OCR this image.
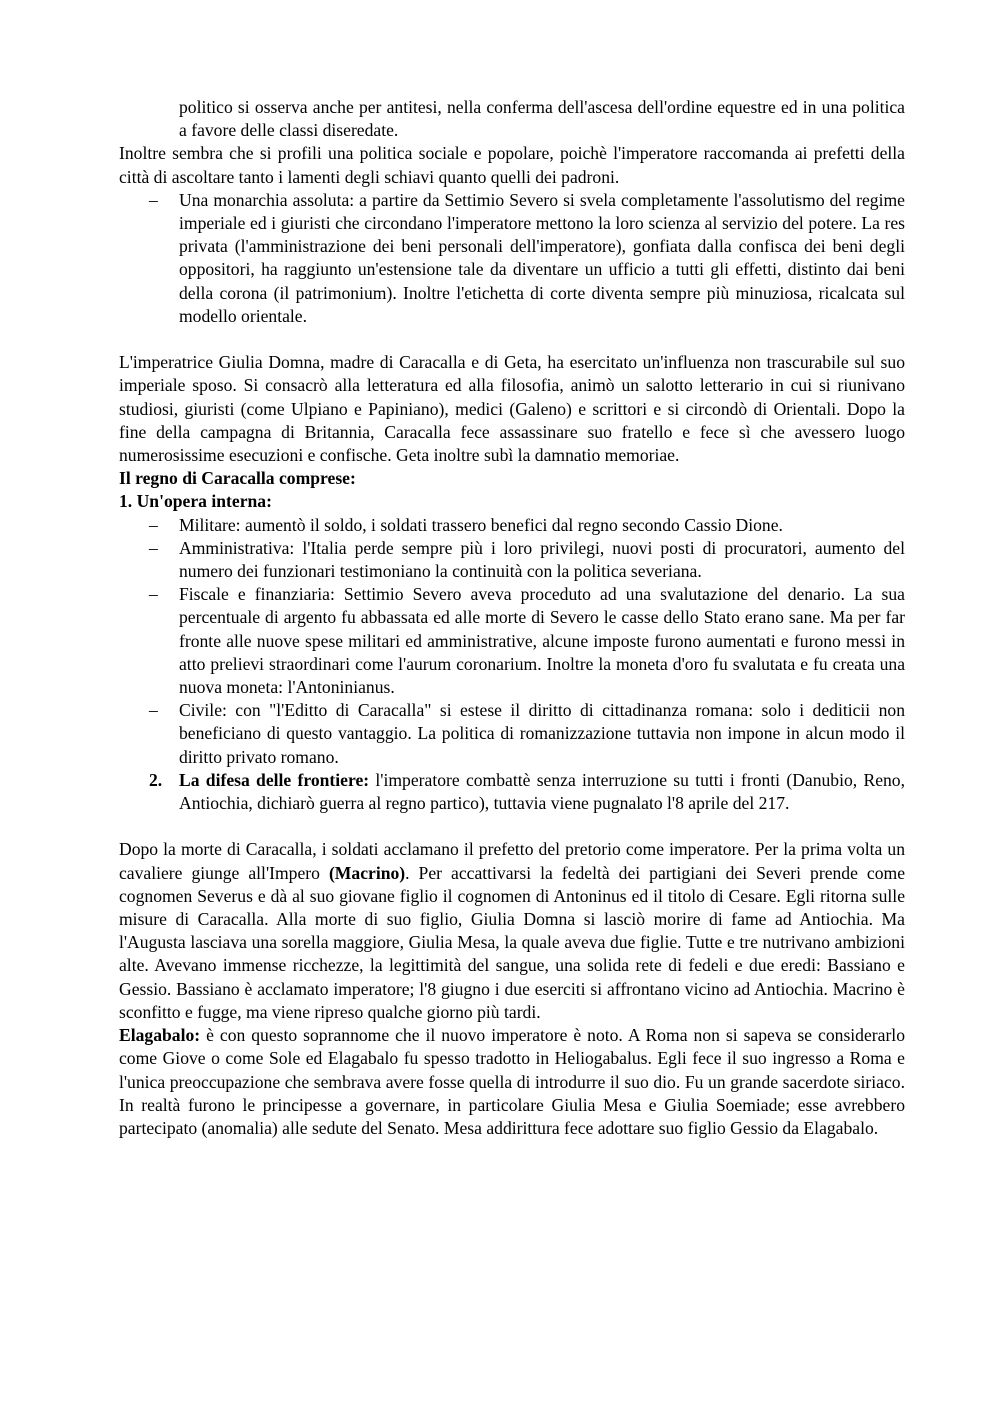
politico si osserva anche per antitesi, nella conferma dell'ascesa dell'ordine equestre ed in una politica a favore delle classi diseredate.

Inoltre sembra che si profili una politica sociale e popolare, poichè l'imperatore raccomanda ai prefetti della città di ascoltare tanto i lamenti degli schiavi quanto quelli dei padroni.

– Una monarchia assoluta: a partire da Settimio Severo si svela completamente l'assolutismo del regime imperiale ed i giuristi che circondano l'imperatore mettono la loro scienza al servizio del potere. La res privata (l'amministrazione dei beni personali dell'imperatore), gonfiata dalla confisca dei beni degli oppositori, ha raggiunto un'estensione tale da diventare un ufficio a tutti gli effetti, distinto dai beni della corona (il patrimonium). Inoltre l'etichetta di corte diventa sempre più minuziosa, ricalcata sul modello orientale.

L'imperatrice Giulia Domna, madre di Caracalla e di Geta, ha esercitato un'influenza non trascurabile sul suo imperiale sposo. Si consacrò alla letteratura ed alla filosofia, animò un salotto letterario in cui si riunivano studiosi, giuristi (come Ulpiano e Papiniano), medici (Galeno) e scrittori e si circondò di Orientali. Dopo la fine della campagna di Britannia, Caracalla fece assassinare suo fratello e fece sì che avessero luogo numerosissime esecuzioni e confische. Geta inoltre subì la damnatio memoriae.

Il regno di Caracalla comprese:

1. Un'opera interna:

– Militare: aumentò il soldo, i soldati trassero benefici dal regno secondo Cassio Dione.

– Amministrativa: l'Italia perde sempre più i loro privilegi, nuovi posti di procuratori, aumento del numero dei funzionari testimoniano la continuità con la politica severiana.

– Fiscale e finanziaria: Settimio Severo aveva proceduto ad una svalutazione del denario. La sua percentuale di argento fu abbassata ed alle morte di Severo le casse dello Stato erano sane. Ma per far fronte alle nuove spese militari ed amministrative, alcune imposte furono aumentati e furono messi in atto prelievi straordinari come l'aurum coronarium. Inoltre la moneta d'oro fu svalutata e fu creata una nuova moneta: l'Antoninianus.

– Civile: con "l'Editto di Caracalla" si estese il diritto di cittadinanza romana: solo i dediticii non beneficiano di questo vantaggio. La politica di romanizzazione tuttavia non impone in alcun modo il diritto privato romano.

2. La difesa delle frontiere: l'imperatore combattè senza interruzione su tutti i fronti (Danubio, Reno, Antiochia, dichiarò guerra al regno partico), tuttavia viene pugnalato l'8 aprile del 217.

Dopo la morte di Caracalla, i soldati acclamano il prefetto del pretorio come imperatore. Per la prima volta un cavaliere giunge all'Impero (Macrino). Per accattivarsi la fedeltà dei partigiani dei Severi prende come cognomen Severus e dà al suo giovane figlio il cognomen di Antoninus ed il titolo di Cesare. Egli ritorna sulle misure di Caracalla. Alla morte di suo figlio, Giulia Domna si lasciò morire di fame ad Antiochia. Ma l'Augusta lasciava una sorella maggiore, Giulia Mesa, la quale aveva due figlie. Tutte e tre nutrivano ambizioni alte. Avevano immense ricchezze, la legittimità del sangue, una solida rete di fedeli e due eredi: Bassiano e Gessio. Bassiano è acclamato imperatore; l'8 giugno i due eserciti si affrontano vicino ad Antiochia. Macrino è sconfitto e fugge, ma viene ripreso qualche giorno più tardi.

Elagabalo: è con questo soprannome che il nuovo imperatore è noto. A Roma non si sapeva se considerarlo come Giove o come Sole ed Elagabalo fu spesso tradotto in Heliogabalus. Egli fece il suo ingresso a Roma e l'unica preoccupazione che sembrava avere fosse quella di introdurre il suo dio. Fu un grande sacerdote siriaco. In realtà furono le principesse a governare, in particolare Giulia Mesa e Giulia Soemiade; esse avrebbero partecipato (anomalia) alle sedute del Senato. Mesa addirittura fece adottare suo figlio Gessio da Elagabalo.
